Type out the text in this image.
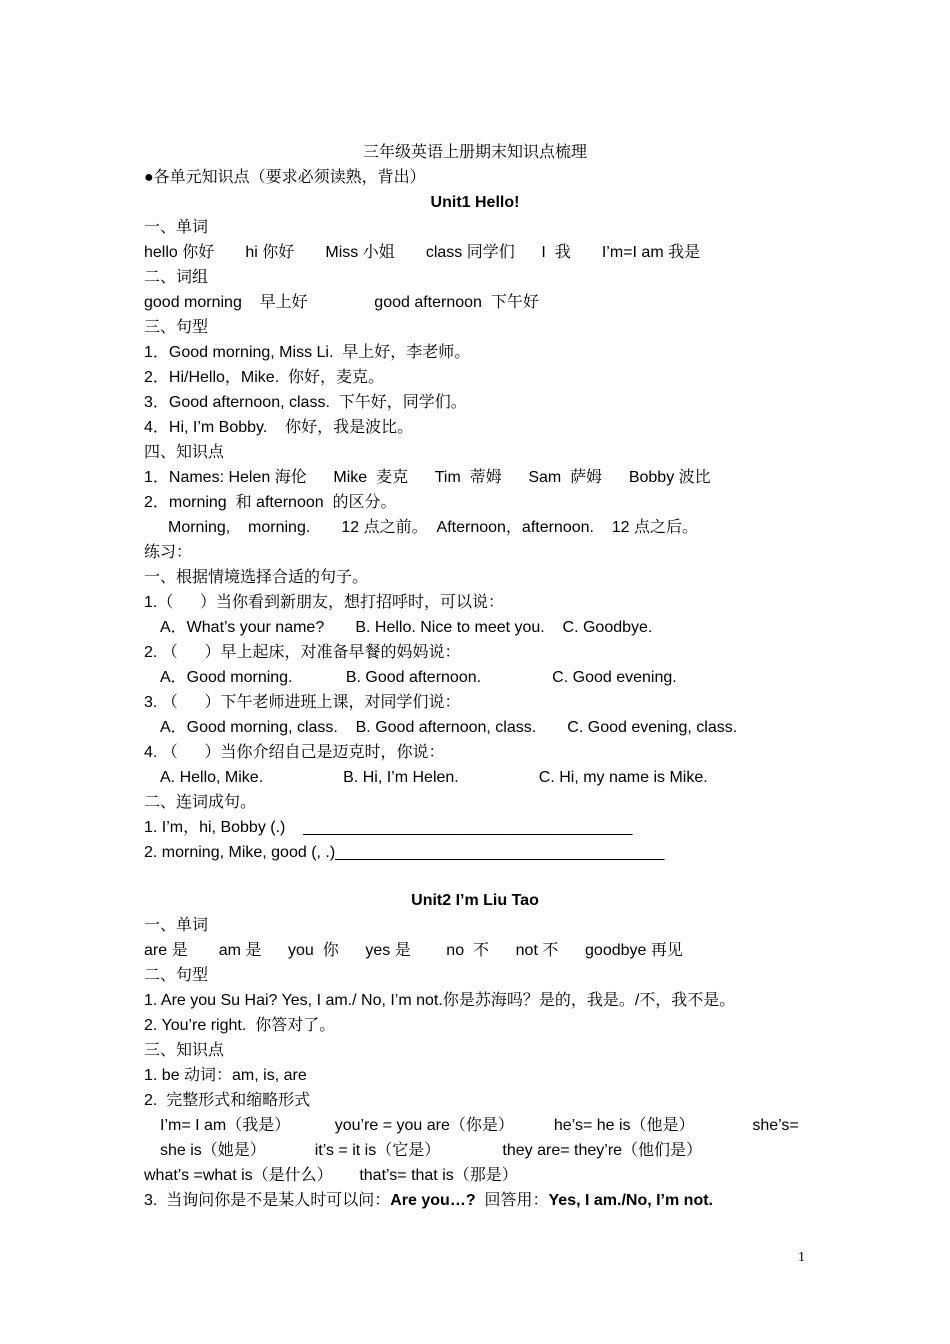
三年级英语上册期末知识点梳理
●各单元知识点（要求必须读熟，背出）
Unit1 Hello!
一、单词
hello 你好       hi 你好       Miss 小姐       class 同学们      I  我       I’m=I am 我是
二、词组
good morning    早上好               good afternoon  下午好
三、句型
1．Good morning, Miss Li.  早上好，李老师。
2．Hi/Hello，Mike.  你好，麦克。
3．Good afternoon, class.  下午好，同学们。
4．Hi, I’m Bobby.    你好，我是波比。
四、知识点
1．Names: Helen 海伦      Mike  麦克      Tim  蒂姆      Sam  萨姆      Bobby 波比
2．morning  和 afternoon  的区分。
Morning,    morning.       12 点之前。  Afternoon，afternoon.    12 点之后。
练习：
一、根据情境选择合适的句子。
1.（      ）当你看到新朋友，想打招呼时，可以说：
A．What’s your name?       B. Hello. Nice to meet you.    C. Goodbye.
2. （      ）早上起床，对准备早餐的妈妈说：
A．Good morning.            B. Good afternoon.                C. Good evening.
3. （      ）下午老师进班上课，对同学们说：
A．Good morning, class.    B. Good afternoon, class.       C. Good evening, class.
4. （      ）当你介绍自己是迈克时，你说：
A. Hello, Mike.                  B. Hi, I’m Helen.                  C. Hi, my name is Mike.
二、连词成句。
1. I’m，hi, Bobby (.)    _____________________________________
2. morning, Mike, good (, .)_____________________________________
Unit2 I’m Liu Tao
一、单词
are 是       am 是      you  你      yes 是        no  不      not 不      goodbye 再见
二、句型
1. Are you Su Hai? Yes, I am./ No, I’m not.你是苏海吗？是的，我是。/不，我不是。
2. You’re right.  你答对了。
三、知识点
1. be 动词：am, is, are
2.  完整形式和缩略形式
I’m= I am（我是）          you’re = you are（你是）         he’s= he is（他是）             she’s=
she is（她是）           it’s = it is（它是）              they are= they’re（他们是）
what’s =what is（是什么）      that’s= that is（那是）
3.  当询问你是不是某人时可以问：Are you…?  回答用：Yes, I am./No, I’m not.
1
